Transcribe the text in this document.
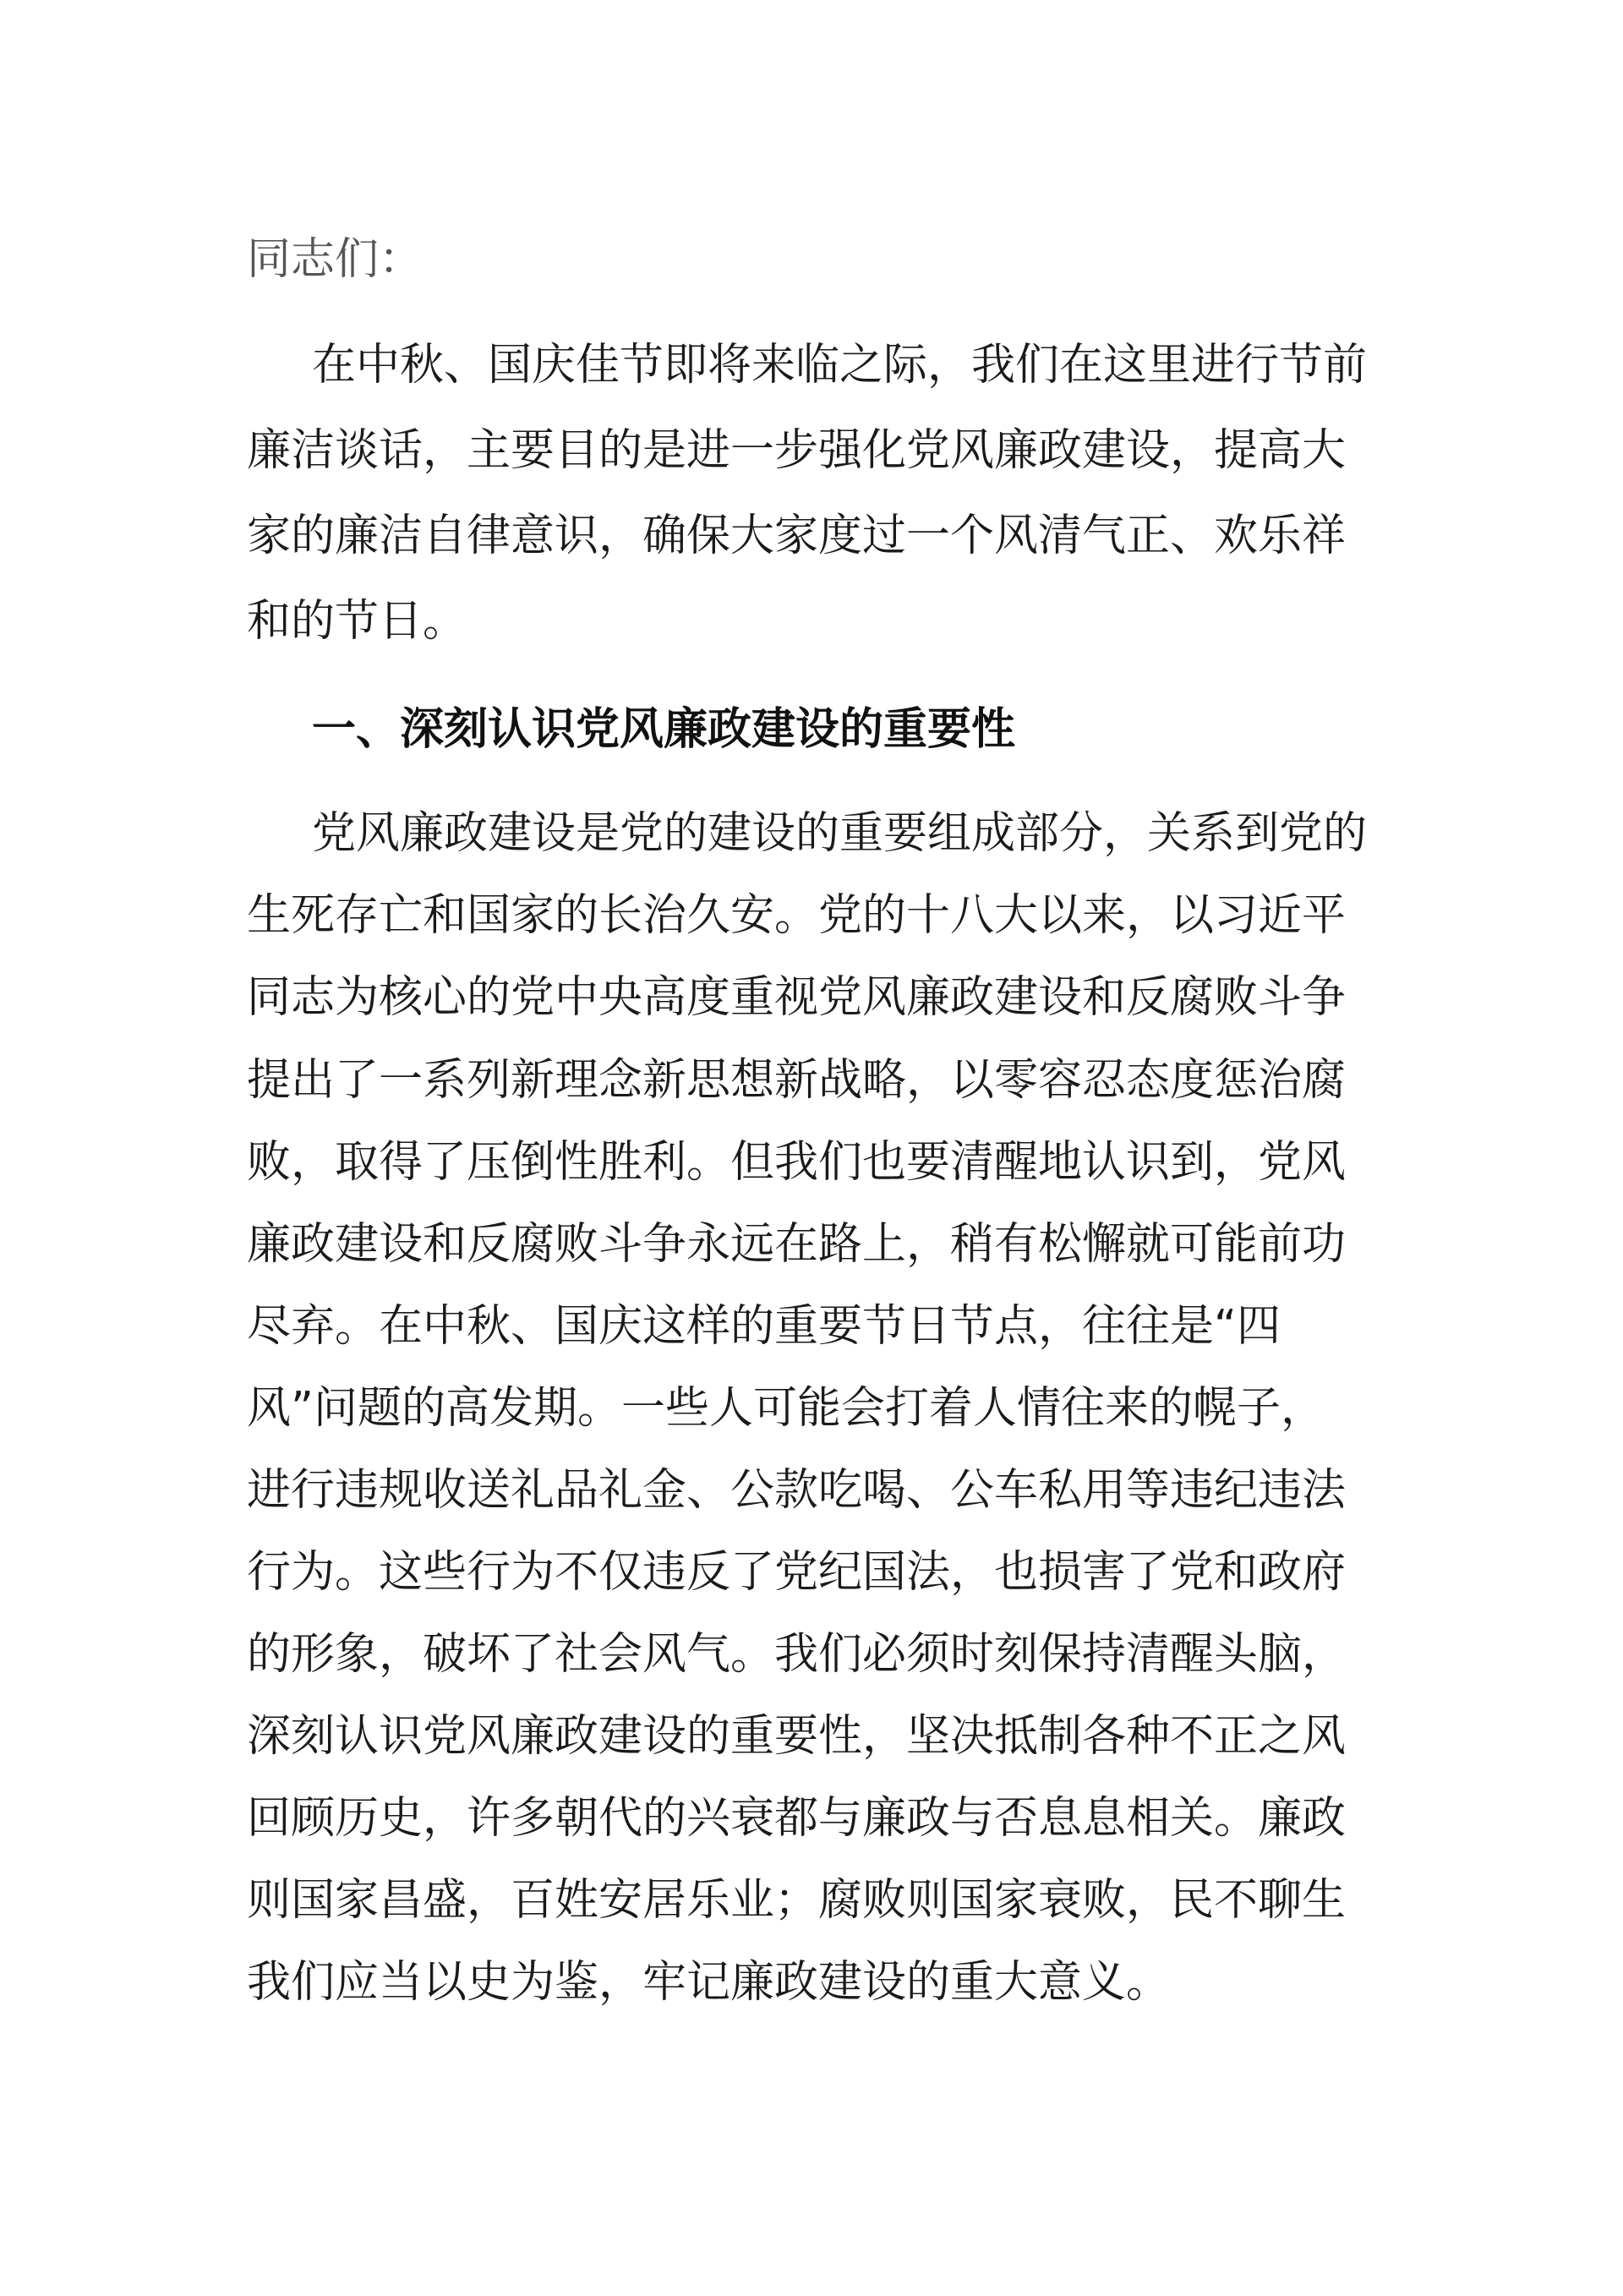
同志们：
在中秋、国庆佳节即将来临之际，我们在这里进行节前
廉洁谈话，主要目的是进一步强化党风廉政建设，提高大
家的廉洁自律意识，确保大家度过一个风清气正、欢乐祥
和的节日。
一、深刻认识党风廉政建设的重要性
党风廉政建设是党的建设的重要组成部分，关系到党的
生死存亡和国家的长治久安。党的十八大以来，以习近平
同志为核心的党中央高度重视党风廉政建设和反腐败斗争
提出了一系列新理念新思想新战略，以零容忍态度惩治腐
败，取得了压倒性胜利。但我们也要清醒地认识到，党风
廉政建设和反腐败斗争永远在路上，稍有松懈就可能前功
尽弃。在中秋、国庆这样的重要节日节点，往往是“四
风”问题的高发期。一些人可能会打着人情往来的幌子，
进行违规收送礼品礼金、公款吃喝、公车私用等违纪违法
行为。这些行为不仅违反了党纪国法，也损害了党和政府
的形象，破坏了社会风气。我们必须时刻保持清醒头脑，
深刻认识党风廉政建设的重要性，坚决抵制各种不正之风
回顾历史，许多朝代的兴衰都与廉政与否息息相关。廉政
则国家昌盛，百姓安居乐业；腐败则国家衰败，民不聊生
我们应当以史为鉴，牢记廉政建设的重大意义。
